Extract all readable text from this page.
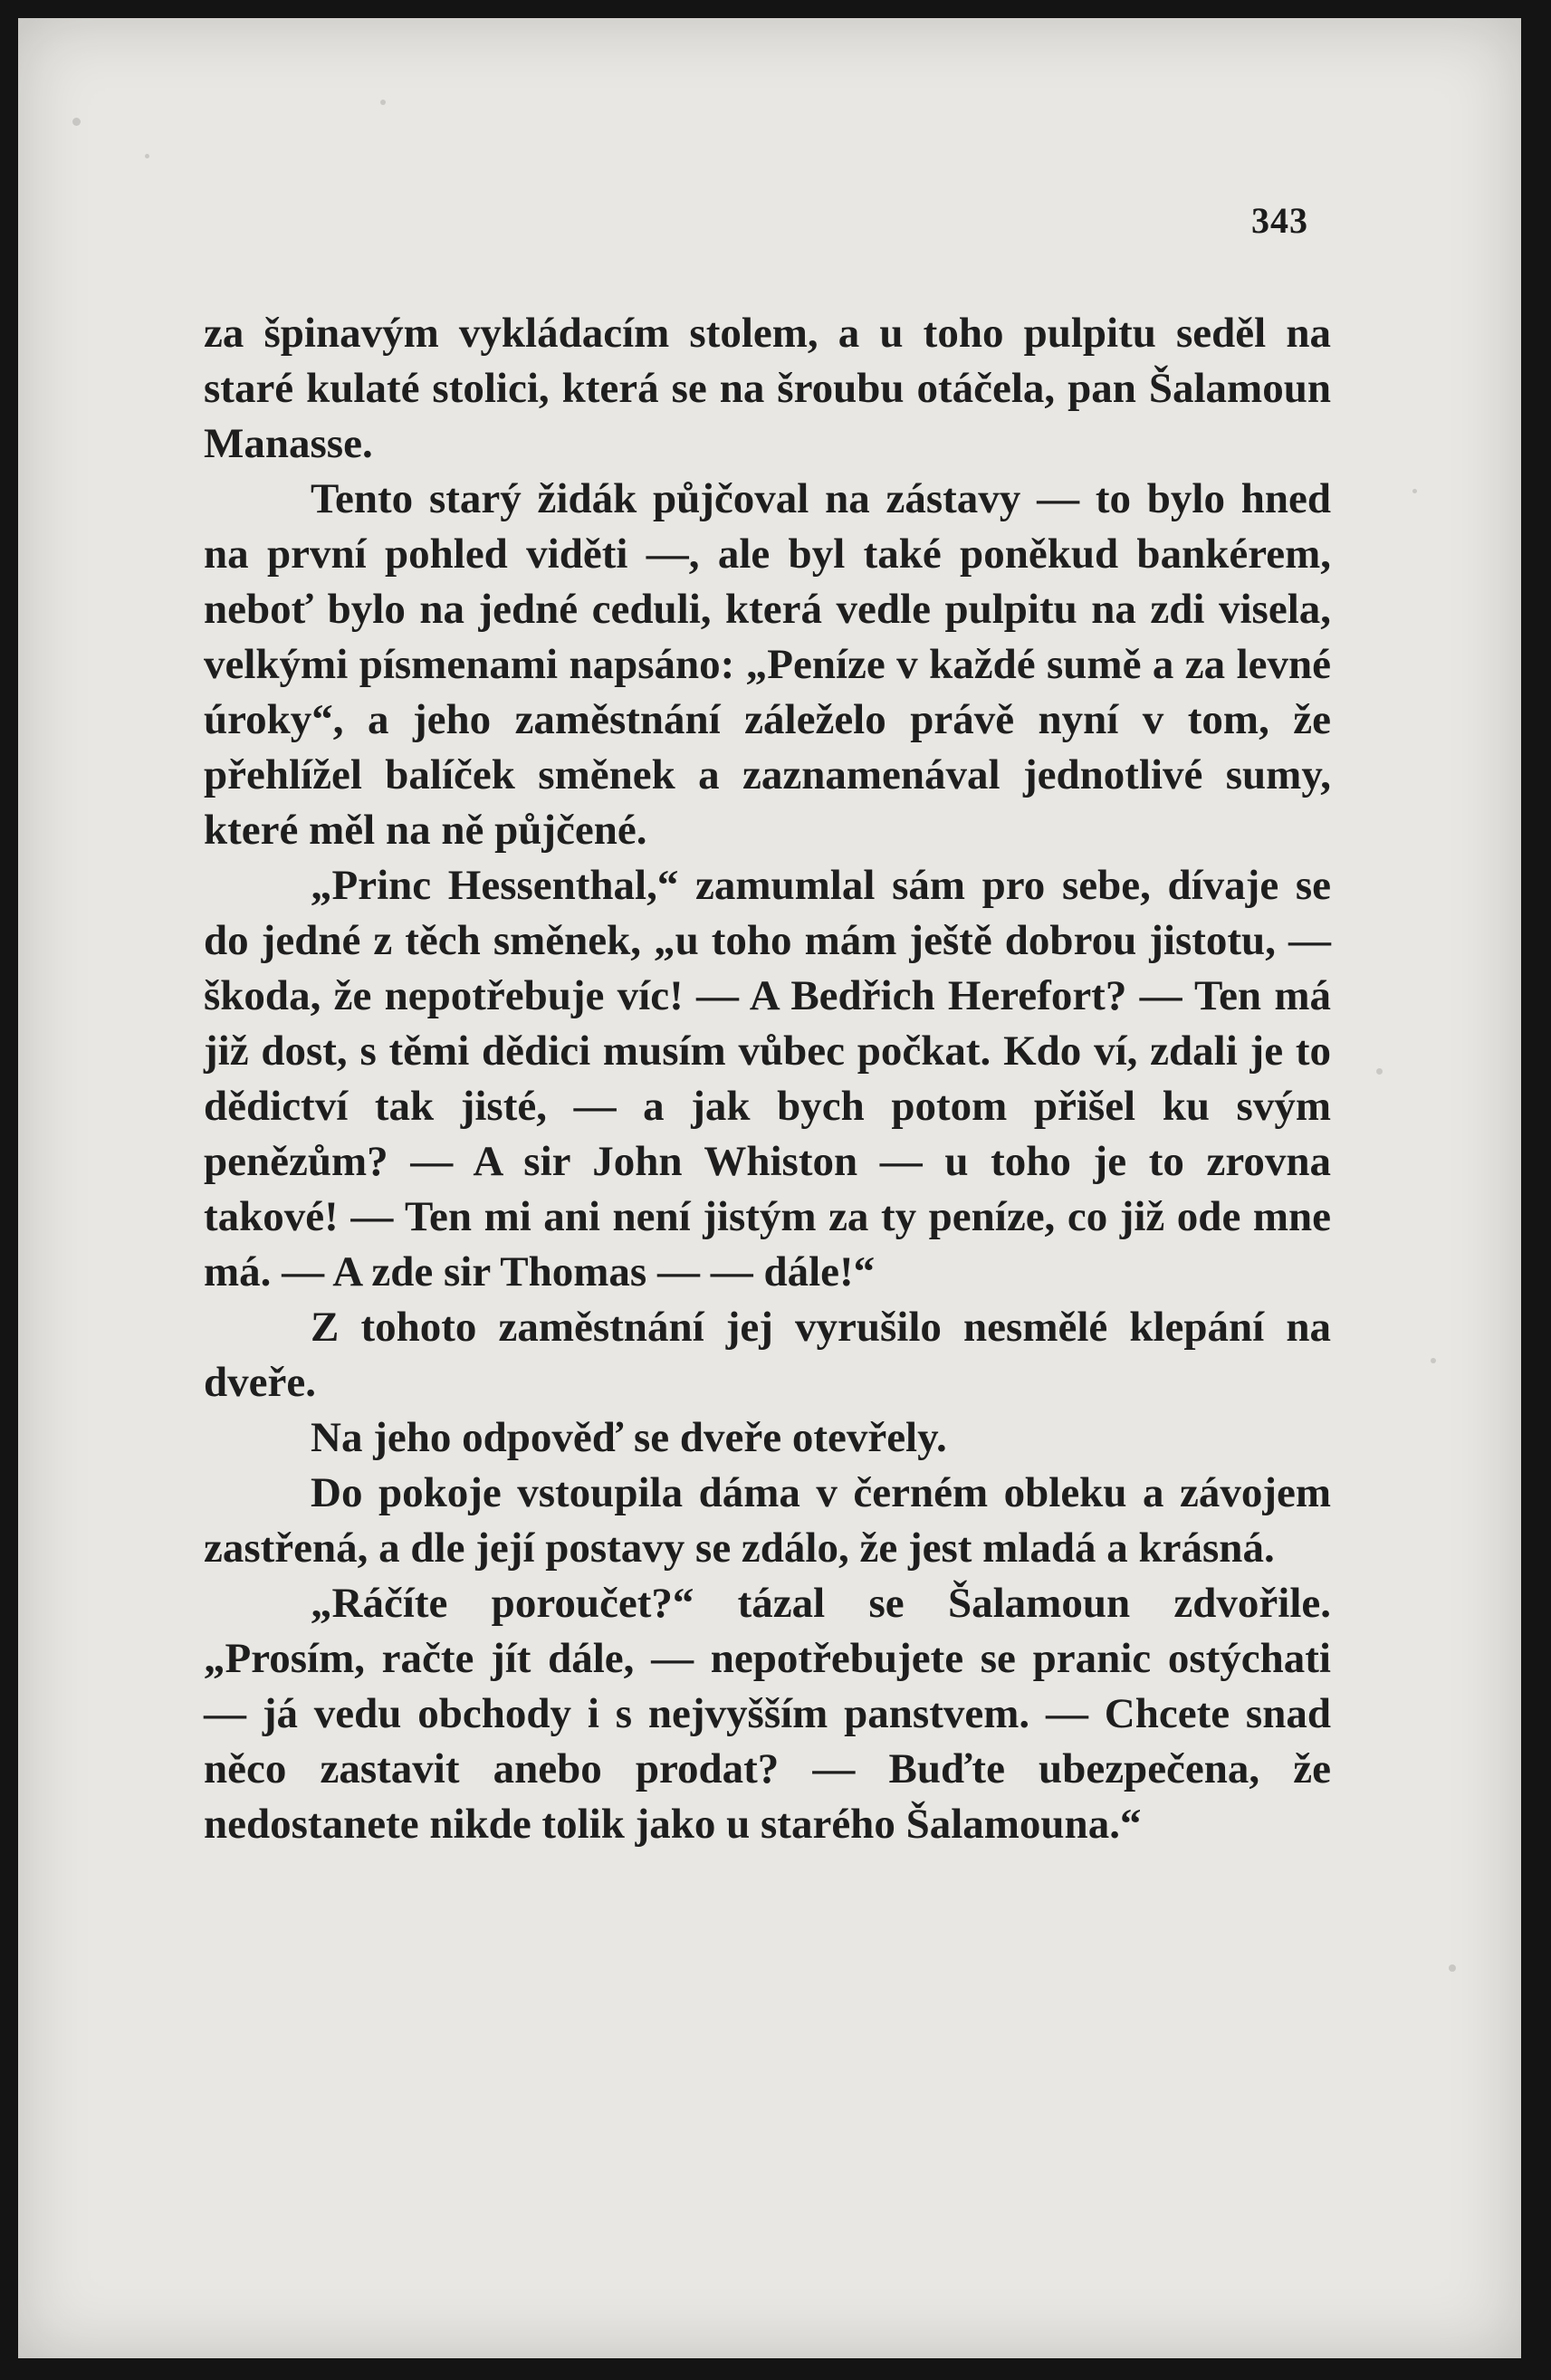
343

za špinavým vykládacím stolem, a u toho pulpitu seděl na staré kulaté stolici, která se na šroubu otáčela, pan Šalamoun Manasse.

Tento starý židák půjčoval na zástavy — to bylo hned na první pohled viděti —, ale byl také poněkud bankérem, neboť bylo na jedné ceduli, která vedle pulpitu na zdi visela, velkými písmenami napsáno: „Peníze v každé sumě a za levné úroky“, a jeho zaměstnání záleželo právě nyní v tom, že přehlížel balíček směnek a zaznamenával jednotlivé sumy, které měl na ně půjčené.

„Princ Hessenthal,“ zamumlal sám pro sebe, dívaje se do jedné z těch směnek, „u toho mám ještě dobrou jistotu, — škoda, že nepotřebuje víc! — A Bedřich Herefort? — Ten má již dost, s těmi dědici musím vůbec počkat. Kdo ví, zdali je to dědictví tak jisté, — a jak bych potom přišel ku svým penězům? — A sir John Whiston — u toho je to zrovna takové! — Ten mi ani není jistým za ty peníze, co již ode mne má. — A zde sir Thomas — — dále!“

Z tohoto zaměstnání jej vyrušilo nesmělé klepání na dveře.

Na jeho odpověď se dveře otevřely.

Do pokoje vstoupila dáma v černém obleku a závojem zastřená, a dle její postavy se zdálo, že jest mladá a krásná.

„Ráčíte poroučet?“ tázal se Šalamoun zdvořile. „Prosím, račte jít dále, — nepotřebujete se pranic ostýchati — já vedu obchody i s nejvyšším panstvem. — Chcete snad něco zastavit anebo prodat? — Buďte ubezpečena, že nedostanete nikde tolik jako u starého Šalamouna.“
